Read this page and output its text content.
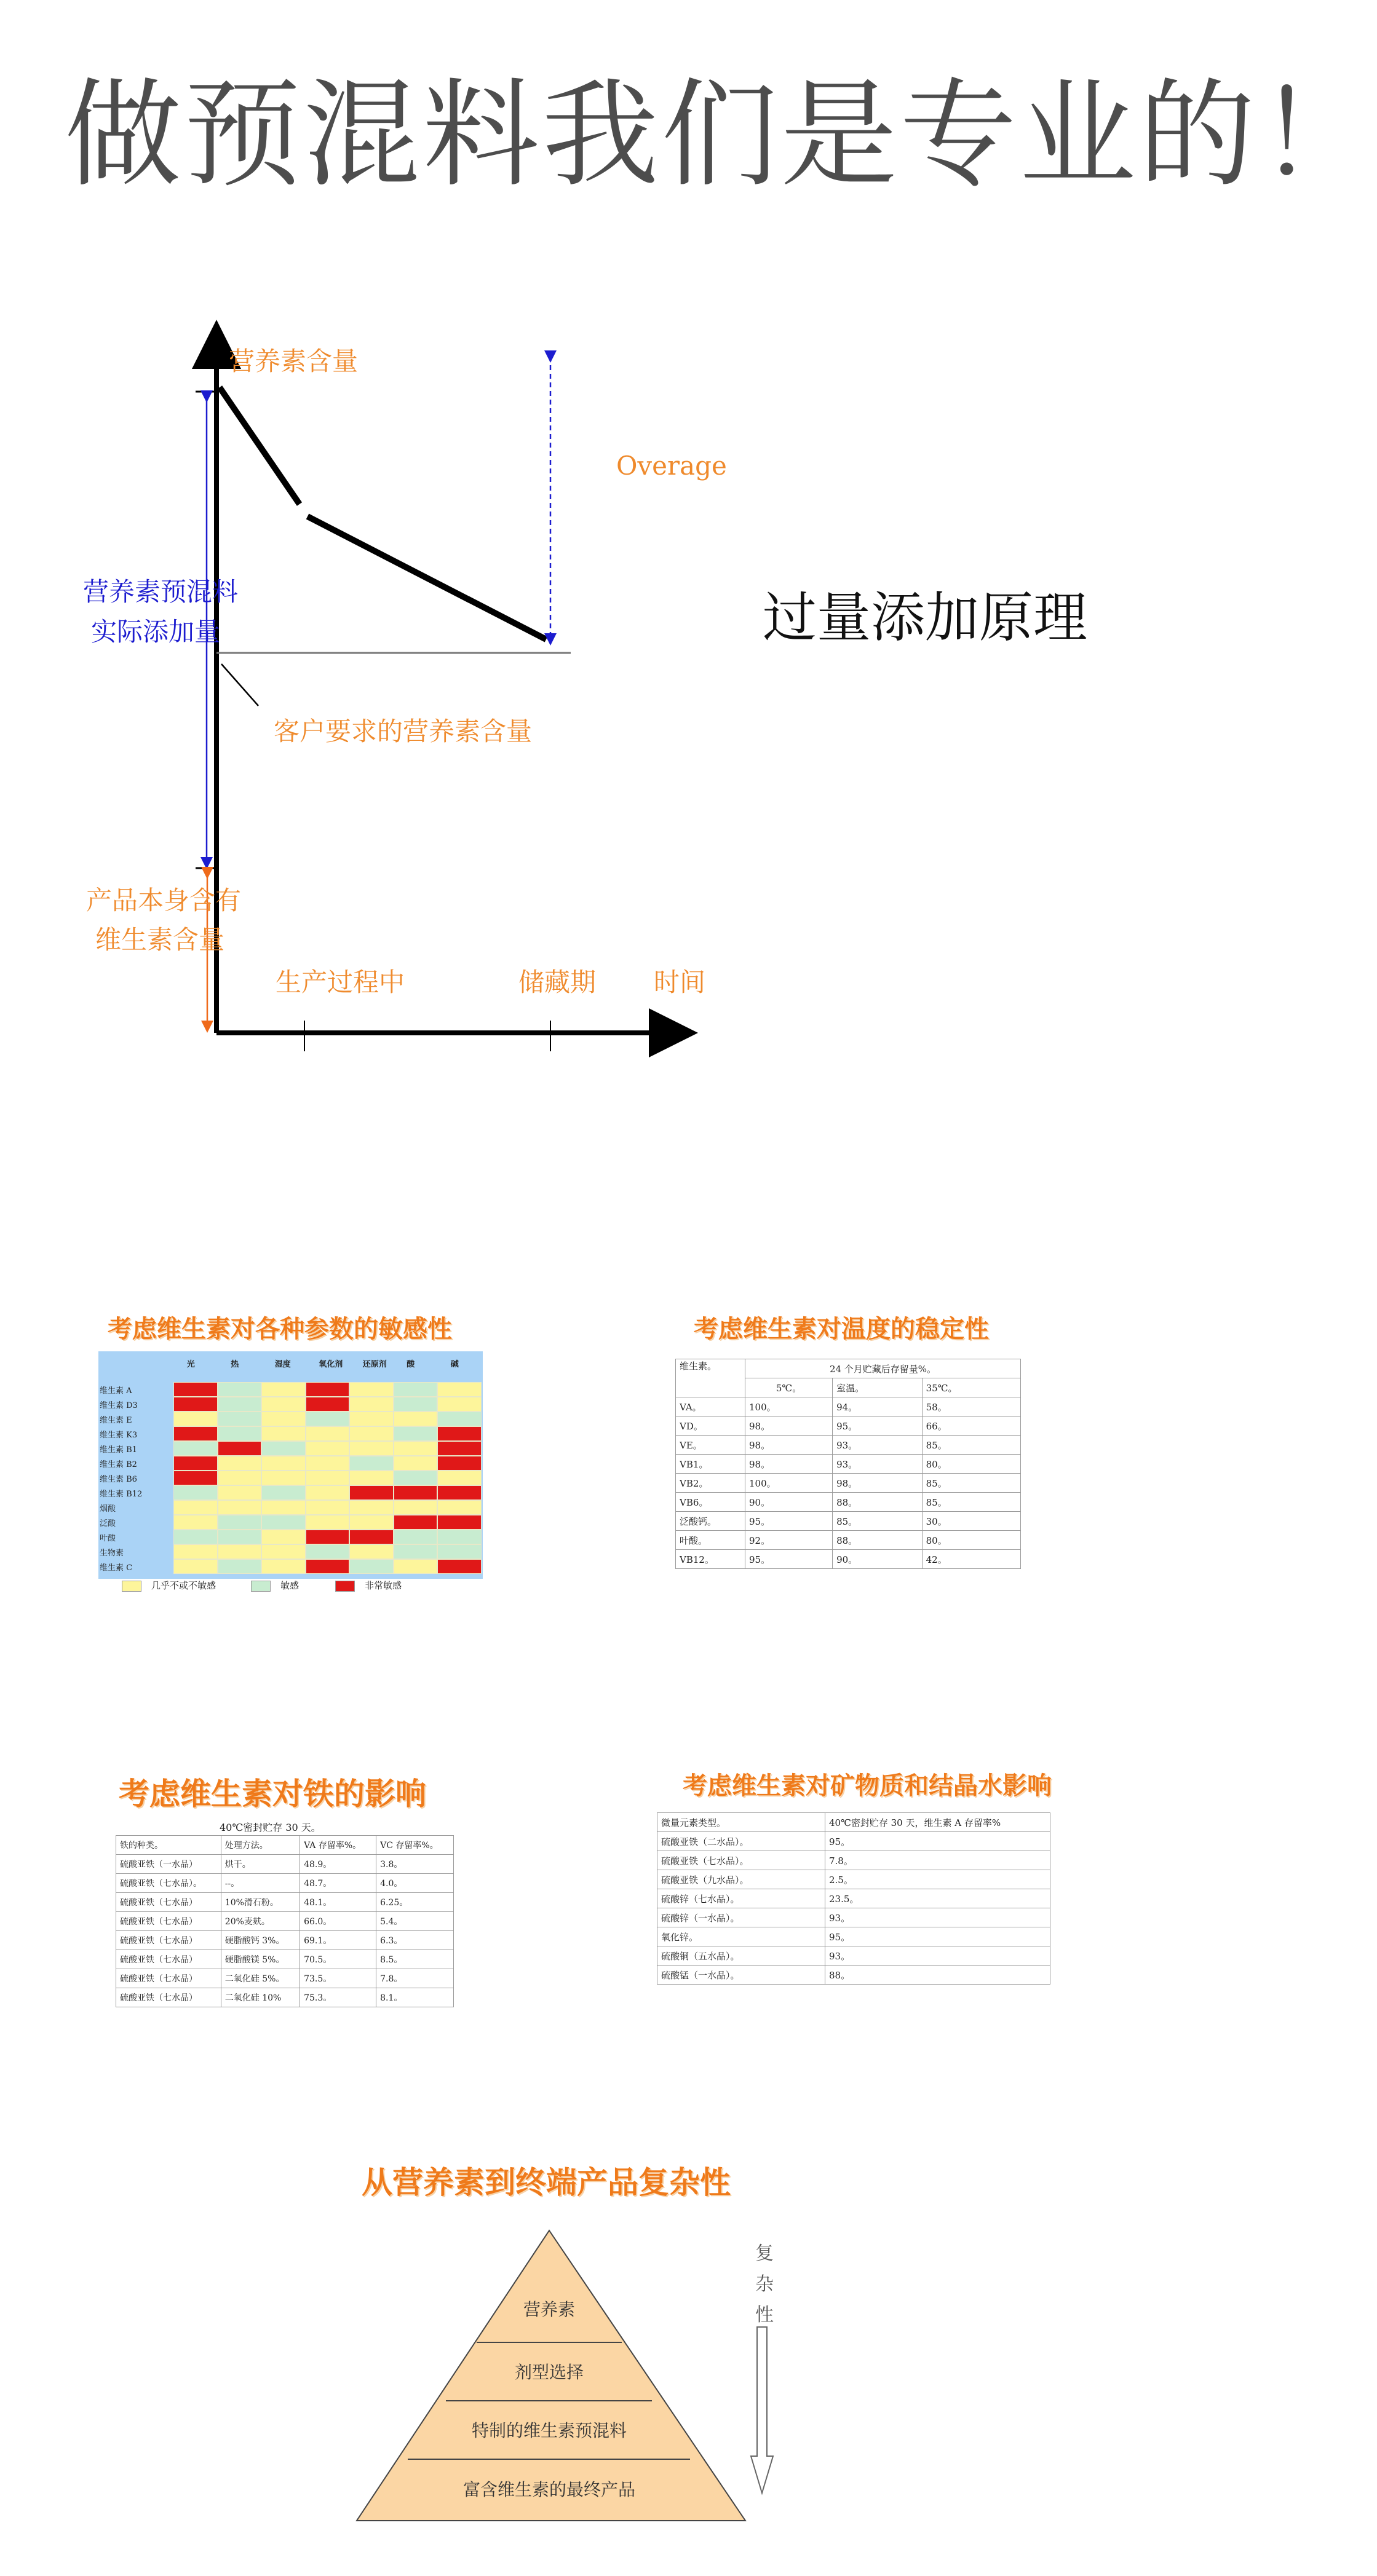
做预混料我们是专业的！
营养素含量
Overage
营养素预混料
实际添加量	过量添加原理
客户要求的营养素含量
产品本身含有
维生素含量
生产过程中	储藏期 时间
考虑维生素对各种参数的敏感性
光	热	湿度	氧化剂 还原剂 酸	碱
维生素 A
维生素 D3
维生素 E
维生素 K3
维生素 B1
维生素 B2
维生素 B6
维生素 B12
烟酸
泛酸
叶酸
生物素
维生素 C
几乎不或不敏感	敏感	非常敏感
考虑维生素对温度的稳定性
维生素。	24 个月贮藏后存留量%。		
	5℃。	室温。	35℃。
VA。	100。	94。	58。
VD。	98。	95。	66。
VE。	98。	93。	85。
VB1。	98。	93。	80。
VB2。	100。	98。	85。
VB6。	90。	88。	85。
泛酸钙。	95。	85。	30。
叶酸。	92。	88。	80。
VB12。	95。	90。	42。
考虑维生素对铁的影响
40℃密封贮存 30 天。
铁的种类。	处理方法。	VA 存留率%。	VC 存留率%。
硫酸亚铁（一水品）	烘干。	48.9。	3.8。
硫酸亚铁（七水品）。	--。	48.7。	4.0。
硫酸亚铁（七水品）	10%滑石粉。	48.1。	6.25。
硫酸亚铁（七水品）	20%麦麸。	66.0。	5.4。
硫酸亚铁（七水品）	硬脂酸钙 3%。	69.1。	6.3。
硫酸亚铁（七水品）	硬脂酸镁 5%。	70.5。	8.5。
硫酸亚铁（七水品）	二氧化硅 5%。	73.5。	7.8。
硫酸亚铁（七水品）	二氧化硅 10%	75.3。	8.1。
考虑维生素对矿物质和结晶水影响
微量元素类型。	40℃密封贮存 30 天，维生素 A 存留率%
硫酸亚铁（二水品）。	95。
硫酸亚铁（七水品）。	7.8。
硫酸亚铁（九水品）。	2.5。
硫酸锌（七水品）。	23.5。
硫酸锌（一水品）。	93。
氧化锌。	95。
硫酸铜（五水品）。	93。
硫酸锰（一水品）。	88。
从营养素到终端产品复杂性
营养素
剂型选择
特制的维生素预混料
富含维生素的最终产品
复
杂
性
